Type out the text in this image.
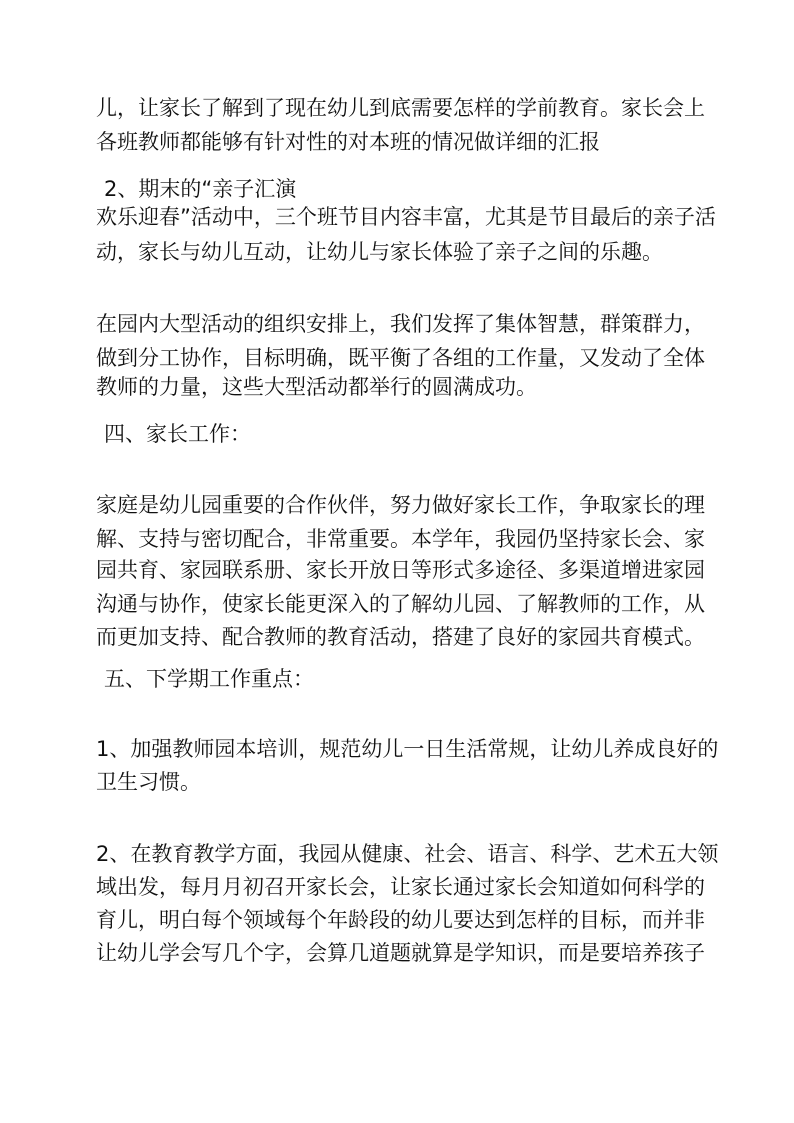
儿，让家长了解到了现在幼儿到底需要怎样的学前教育。家长会上
各班教师都能够有针对性的对本班的情况做详细的汇报
2、期末的“亲子汇演
欢乐迎春”活动中，三个班节目内容丰富，尤其是节目最后的亲子活
动，家长与幼儿互动，让幼儿与家长体验了亲子之间的乐趣。
在园内大型活动的组织安排上，我们发挥了集体智慧，群策群力，
做到分工协作，目标明确，既平衡了各组的工作量，又发动了全体
教师的力量，这些大型活动都举行的圆满成功。
四、家长工作：
家庭是幼儿园重要的合作伙伴，努力做好家长工作，争取家长的理
解、支持与密切配合，非常重要。本学年，我园仍坚持家长会、家
园共育、家园联系册、家长开放日等形式多途径、多渠道增进家园
沟通与协作，使家长能更深入的了解幼儿园、了解教师的工作，从
而更加支持、配合教师的教育活动，搭建了良好的家园共育模式。
五、下学期工作重点：
1、加强教师园本培训，规范幼儿一日生活常规，让幼儿养成良好的
卫生习惯。
2、在教育教学方面，我园从健康、社会、语言、科学、艺术五大领
域出发，每月月初召开家长会，让家长通过家长会知道如何科学的
育儿，明白每个领域每个年龄段的幼儿要达到怎样的目标，而并非
让幼儿学会写几个字，会算几道题就算是学知识，而是要培养孩子
